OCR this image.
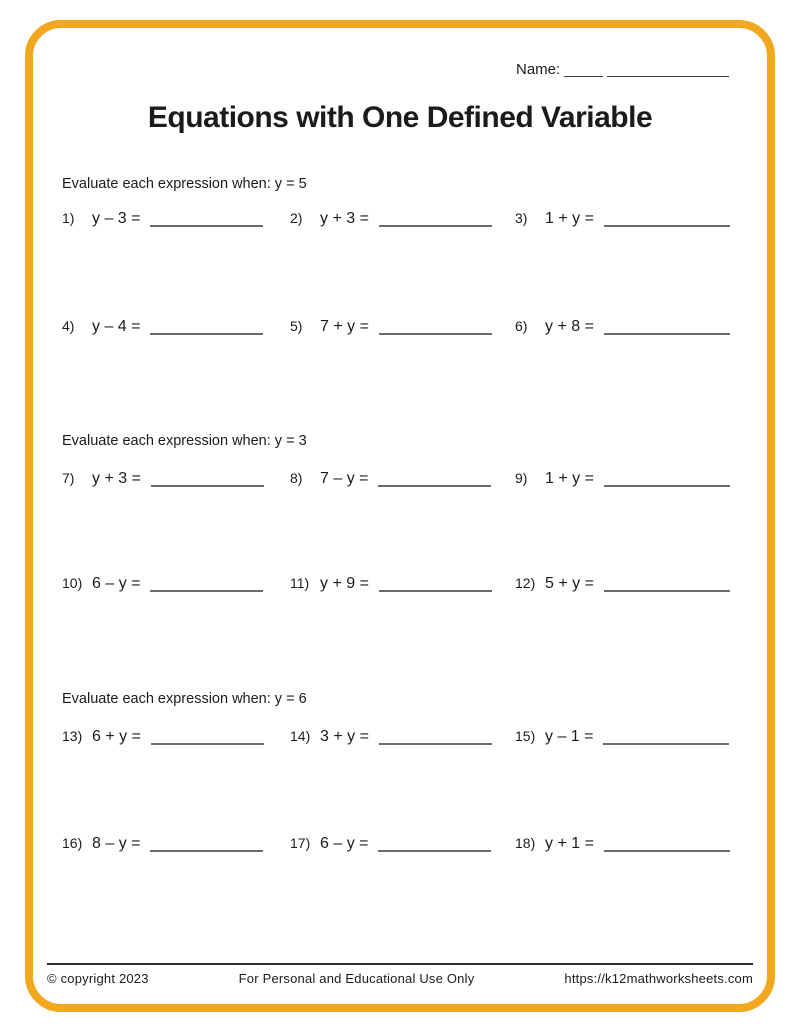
Name:
Equations with One Defined Variable
Evaluate each expression when: y = 5
1)	y – 3 =	2)	y + 3 =	3)	1 + y =
4)	y – 4 =	5)	7 + y =	6)	y + 8 =
Evaluate each expression when: y = 3
7)	y + 3 =	8)	7 – y =	9)	1 + y =
10) 6 – y =	11) y + 9 =	12) 5 + y =
Evaluate each expression when: y = 6
13) 6 + y =	14) 3 + y =	15) y – 1 =
16) 8 – y =	17) 6 – y =	18) y + 1 =
© copyright 2023	For Personal and Educational Use Only	https://k12mathworksheets.com
